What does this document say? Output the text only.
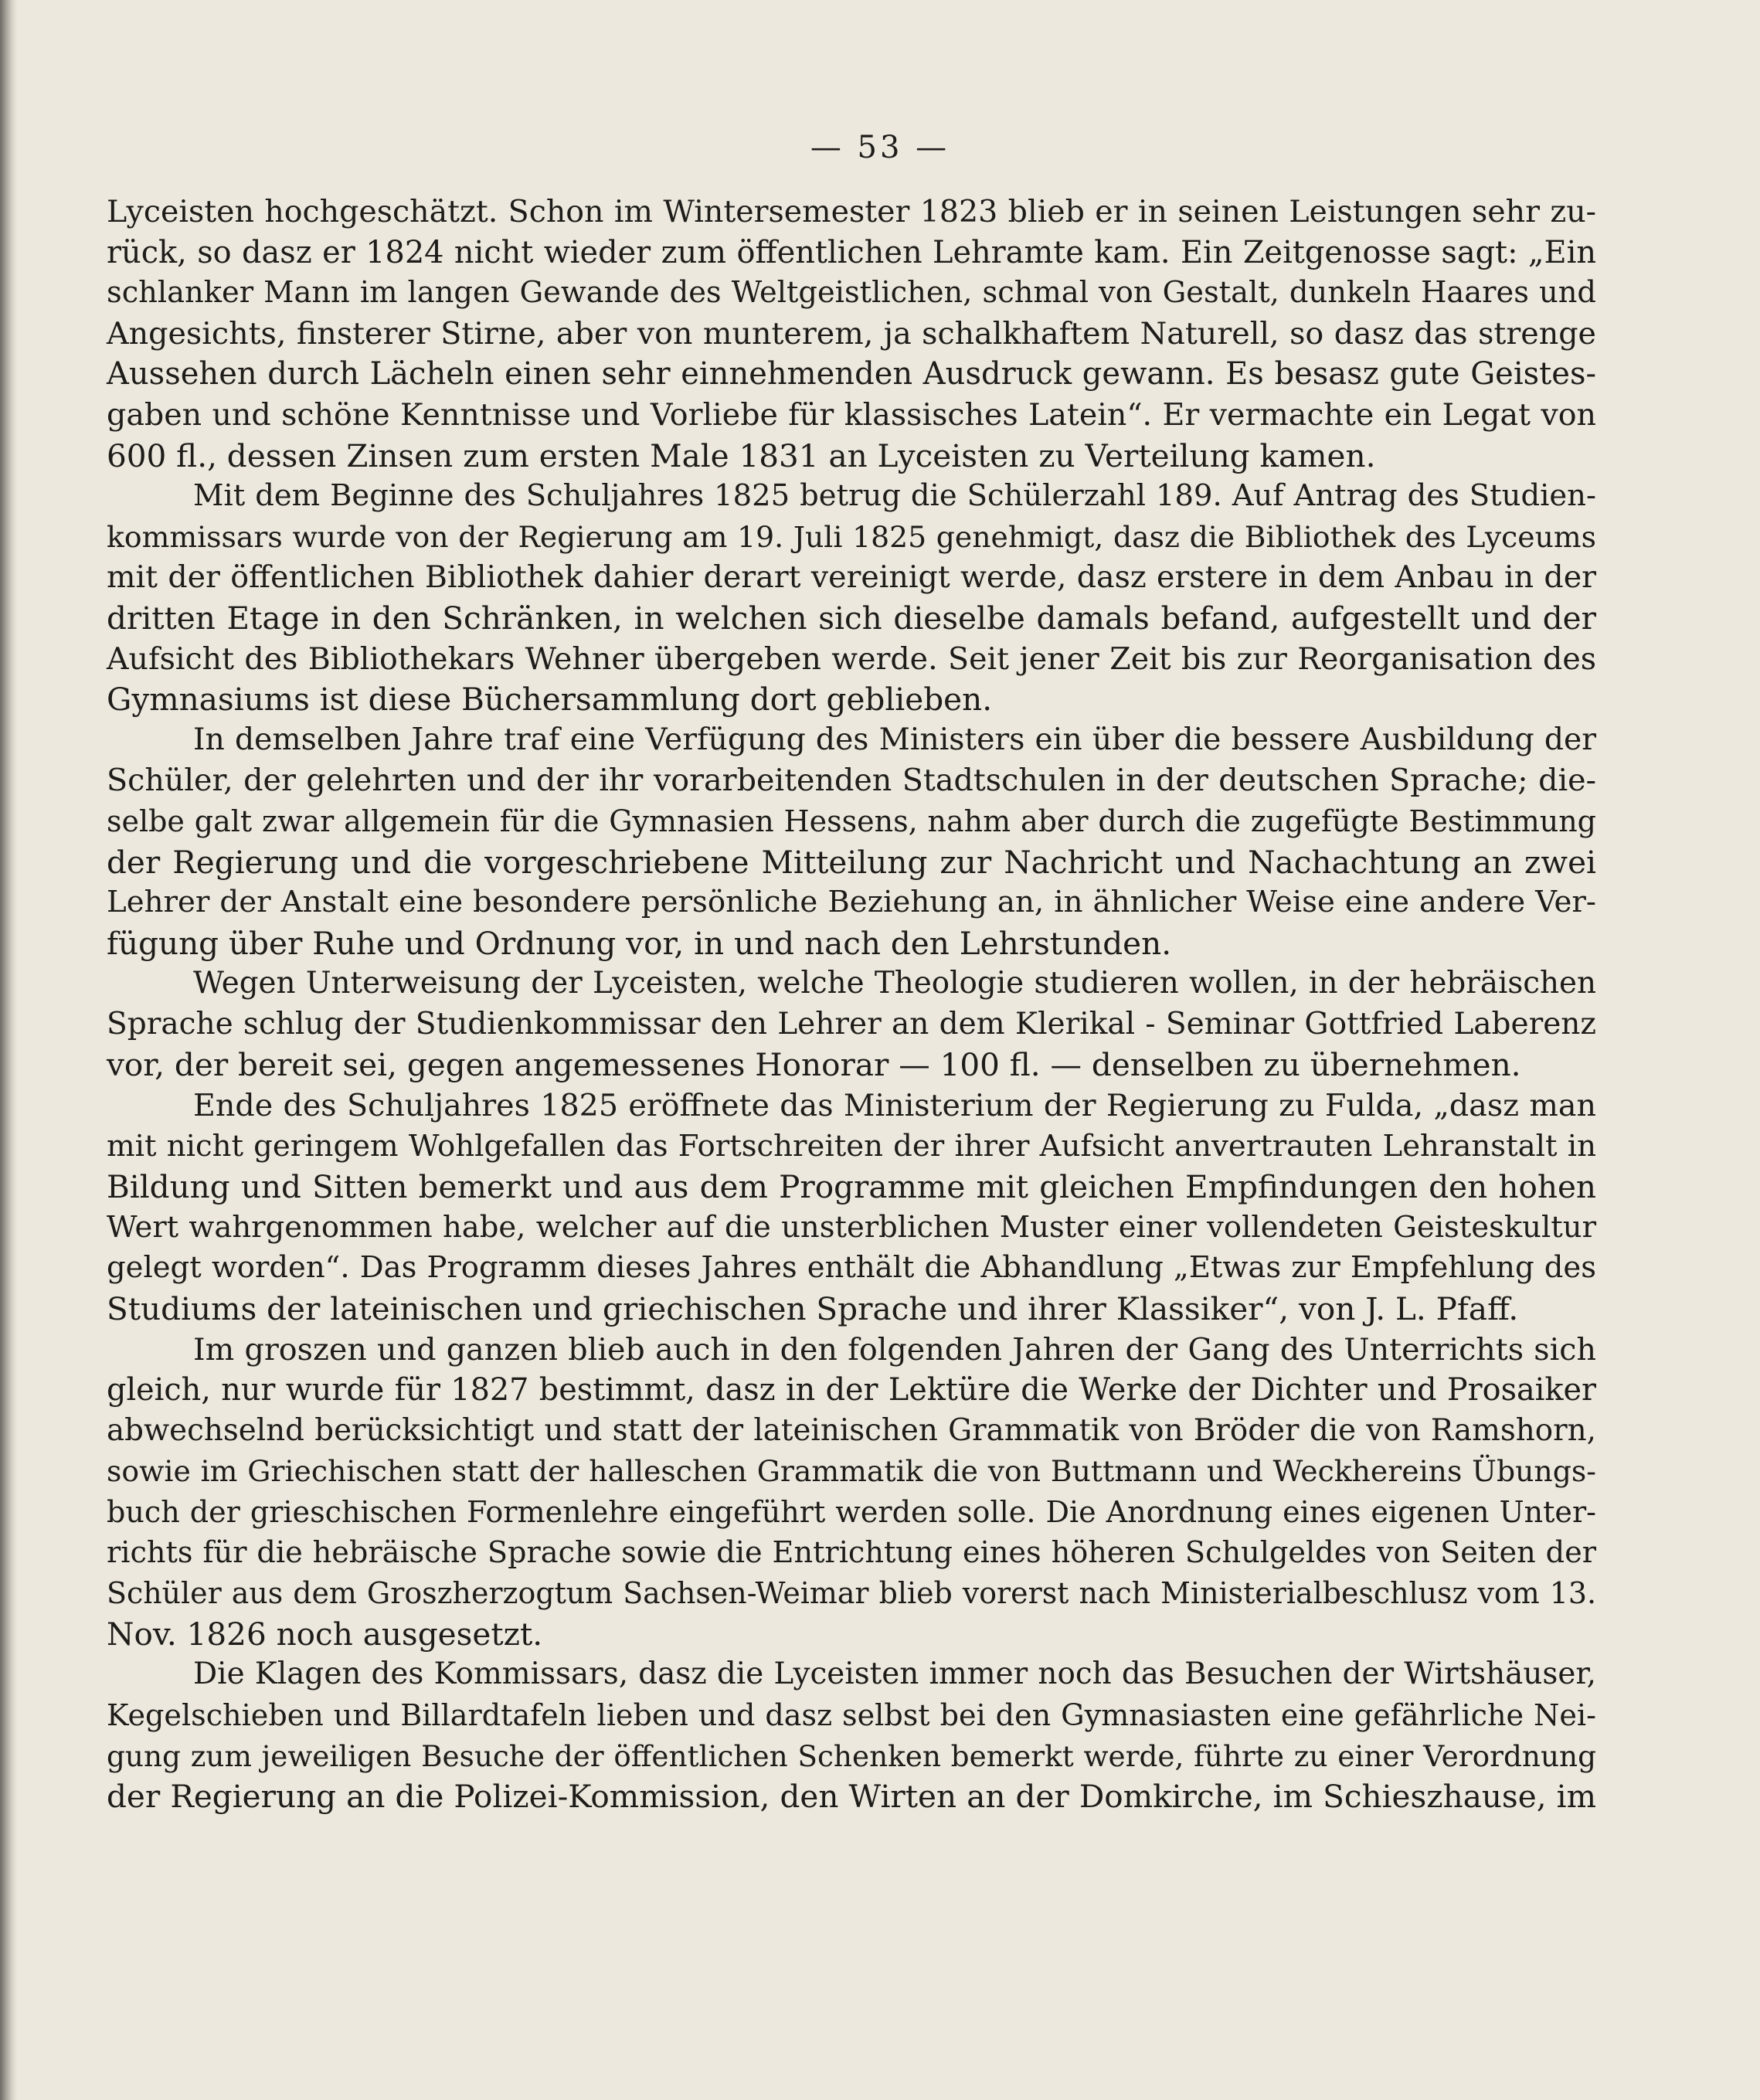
— 53 —
Lyceisten hochgeschätzt. Schon im Wintersemester 1823 blieb er in seinen Leistungen sehr zu-
rück, so dasz er 1824 nicht wieder zum öffentlichen Lehramte kam. Ein Zeitgenosse sagt: „Ein
schlanker Mann im langen Gewande des Weltgeistlichen, schmal von Gestalt, dunkeln Haares und
Angesichts, finsterer Stirne, aber von munterem, ja schalkhaftem Naturell, so dasz das strenge
Aussehen durch Lächeln einen sehr einnehmenden Ausdruck gewann. Es besasz gute Geistes-
gaben und schöne Kenntnisse und Vorliebe für klassisches Latein“. Er vermachte ein Legat von
600 fl., dessen Zinsen zum ersten Male 1831 an Lyceisten zu Verteilung kamen.
Mit dem Beginne des Schuljahres 1825 betrug die Schülerzahl 189. Auf Antrag des Studien-
kommissars wurde von der Regierung am 19. Juli 1825 genehmigt, dasz die Bibliothek des Lyceums
mit der öffentlichen Bibliothek dahier derart vereinigt werde, dasz erstere in dem Anbau in der
dritten Etage in den Schränken, in welchen sich dieselbe damals befand, aufgestellt und der
Aufsicht des Bibliothekars Wehner übergeben werde. Seit jener Zeit bis zur Reorganisation des
Gymnasiums ist diese Büchersammlung dort geblieben.
In demselben Jahre traf eine Verfügung des Ministers ein über die bessere Ausbildung der
Schüler, der gelehrten und der ihr vorarbeitenden Stadtschulen in der deutschen Sprache; die-
selbe galt zwar allgemein für die Gymnasien Hessens, nahm aber durch die zugefügte Bestimmung
der Regierung und die vorgeschriebene Mitteilung zur Nachricht und Nachachtung an zwei
Lehrer der Anstalt eine besondere persönliche Beziehung an, in ähnlicher Weise eine andere Ver-
fügung über Ruhe und Ordnung vor, in und nach den Lehrstunden.
Wegen Unterweisung der Lyceisten, welche Theologie studieren wollen, in der hebräischen
Sprache schlug der Studienkommissar den Lehrer an dem Klerikal - Seminar Gottfried Laberenz
vor, der bereit sei, gegen angemessenes Honorar — 100 fl. — denselben zu übernehmen.
Ende des Schuljahres 1825 eröffnete das Ministerium der Regierung zu Fulda, „dasz man
mit nicht geringem Wohlgefallen das Fortschreiten der ihrer Aufsicht anvertrauten Lehranstalt in
Bildung und Sitten bemerkt und aus dem Programme mit gleichen Empfindungen den hohen
Wert wahrgenommen habe, welcher auf die unsterblichen Muster einer vollendeten Geisteskultur
gelegt worden“. Das Programm dieses Jahres enthält die Abhandlung „Etwas zur Empfehlung des
Studiums der lateinischen und griechischen Sprache und ihrer Klassiker“, von J. L. Pfaff.
Im groszen und ganzen blieb auch in den folgenden Jahren der Gang des Unterrichts sich
gleich, nur wurde für 1827 bestimmt, dasz in der Lektüre die Werke der Dichter und Prosaiker
abwechselnd berücksichtigt und statt der lateinischen Grammatik von Bröder die von Ramshorn,
sowie im Griechischen statt der halleschen Grammatik die von Buttmann und Weckhereins Übungs-
buch der grieschischen Formenlehre eingeführt werden solle. Die Anordnung eines eigenen Unter-
richts für die hebräische Sprache sowie die Entrichtung eines höheren Schulgeldes von Seiten der
Schüler aus dem Groszherzogtum Sachsen-Weimar blieb vorerst nach Ministerialbeschlusz vom 13.
Nov. 1826 noch ausgesetzt.
Die Klagen des Kommissars, dasz die Lyceisten immer noch das Besuchen der Wirtshäuser,
Kegelschieben und Billardtafeln lieben und dasz selbst bei den Gymnasiasten eine gefährliche Nei-
gung zum jeweiligen Besuche der öffentlichen Schenken bemerkt werde, führte zu einer Verordnung
der Regierung an die Polizei-Kommission, den Wirten an der Domkirche, im Schieszhause, im
